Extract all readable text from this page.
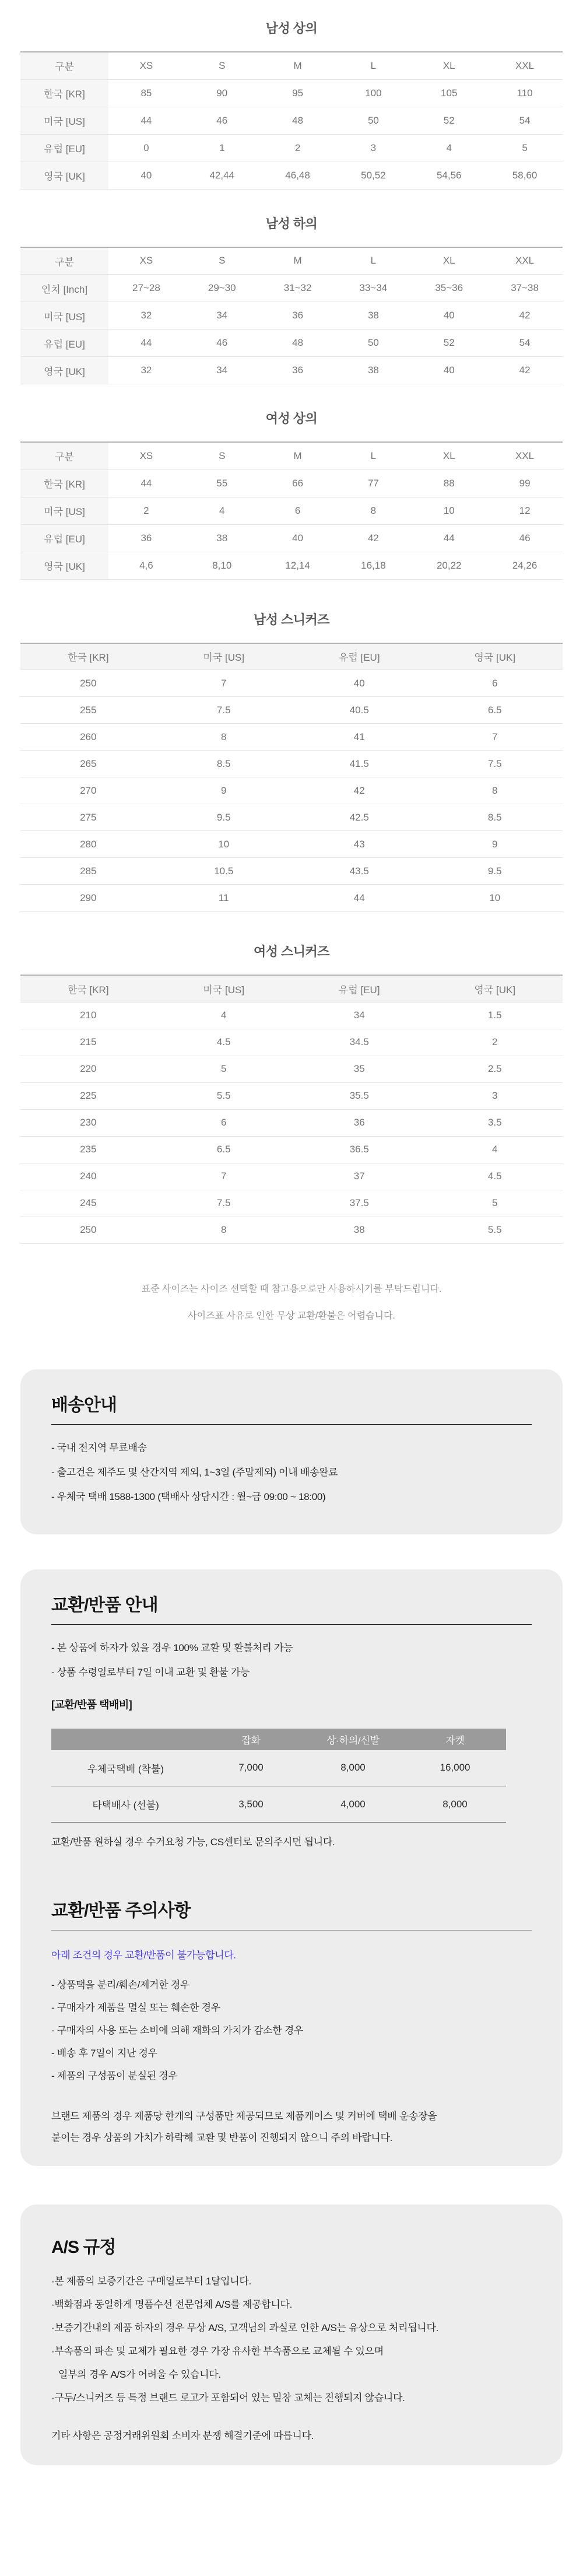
남성 상의
구분	XS	S	M	L	XL	XXL
한국 [KR]	85	90	95	100	105	110
미국 [US]	44	46	48	50	52	54
유럽 [EU]	0	1	2	3	4	5
영국 [UK]	40	42,44	46,48	50,52	54,56	58,60
남성 하의
구분	XS	S	M	L	XL	XXL
인치 [Inch]	27~28	29~30	31~32	33~34	35~36	37~38
미국 [US]	32	34	36	38	40	42
유럽 [EU]	44	46	48	50	52	54
영국 [UK]	32	34	36	38	40	42
여성 상의
구분	XS	S	M	L	XL	XXL
한국 [KR]	44	55	66	77	88	99
미국 [US]	2	4	6	8	10	12
유럽 [EU]	36	38	40	42	44	46
영국 [UK]	4,6	8,10	12,14	16,18	20,22	24,26
남성 스니커즈
한국 [KR]	미국 [US]	유럽 [EU]	영국 [UK]
250	7	40	6
255	7.5	40.5	6.5
260	8	41	7
265	8.5	41.5	7.5
270	9	42	8
275	9.5	42.5	8.5
280	10	43	9
285	10.5	43.5	9.5
290	11	44	10
여성 스니커즈
한국 [KR]	미국 [US]	유럽 [EU]	영국 [UK]
210	4	34	1.5
215	4.5	34.5	2
220	5	35	2.5
225	5.5	35.5	3
230	6	36	3.5
235	6.5	36.5	4
240	7	37	4.5
245	7.5	37.5	5
250	8	38	5.5

표준 사이즈는 사이즈 선택할 때 참고용으로만 사용하시기를 부탁드립니다.

사이즈표 사유로 인한 무상 교환/환불은 어렵습니다.

배송안내
- 국내 전지역 무료배송
- 출고건은 제주도 및 산간지역 제외, 1~3일 (주말제외) 이내 배송완료
- 우체국 택배 1588-1300 (택배사 상담시간 : 월~금 09:00 ~ 18:00)
교환/반품 안내
- 본 상품에 하자가 있을 경우 100% 교환 및 환불처리 가능
- 상품 수령일로부터 7일 이내 교환 및 환불 가능
[교환/반품 택배비]
	잡화	상·하의/신발	자켓
우체국택배 (착불)	7,000	8,000	16,000
타택배사 (선불)	3,500	4,000	8,000

교환/반품 원하실 경우 수거요청 가능, CS센터로 문의주시면 됩니다.

교환/반품 주의사항

아래 조건의 경우 교환/반품이 불가능합니다.

- 상품택을 분리/훼손/제거한 경우
- 구매자가 제품을 멸실 또는 훼손한 경우
- 구매자의 사용 또는 소비에 의해 재화의 가치가 감소한 경우
- 배송 후 7일이 지난 경우
- 제품의 구성품이 분실된 경우

브랜드 제품의 경우 제품당 한개의 구성품만 제공되므로 제품케이스 및 커버에 택배 운송장을

붙이는 경우 상품의 가치가 하락해 교환 및 반품이 진행되지 않으니 주의 바랍니다.

A/S 규정
·본 제품의 보증기간은 구매일로부터 1달입니다.
·백화점과 동일하게 명품수선 전문업체 A/S를 제공합니다.
·보증기간내의 제품 하자의 경우 무상 A/S, 고객님의 과실로 인한 A/S는 유상으로 처리됩니다.
·부속품의 파손 및 교체가 필요한 경우 가장 유사한 부속품으로 교체될 수 있으며
일부의 경우 A/S가 어려울 수 있습니다.
·구두/스니커즈 등 특정 브랜드 로고가 포함되어 있는 밑창 교체는 진행되지 않습니다.

기타 사항은 공정거래위원회 소비자 분쟁 해결기준에 따릅니다.
